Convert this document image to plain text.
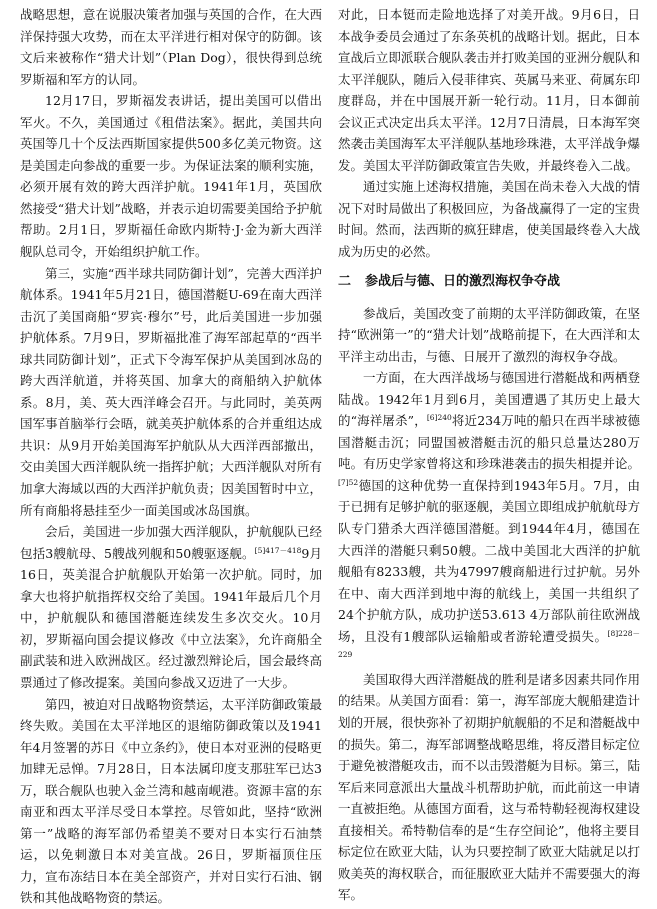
战略思想，意在说服决策者加强与英国的合作，在大西洋保持强大攻势，而在太平洋进行相对保守的防御。该文后来被称作“猎犬计划”（Plan Dog），很快得到总统罗斯福和军方的认同。

12月17日，罗斯福发表讲话，提出美国可以借出军火。不久，美国通过《租借法案》。据此，美国共向英国等几十个反法西斯国家提供500多亿美元物资。这是美国走向参战的重要一步。为保证法案的顺利实施，必须开展有效的跨大西洋护航。1941年1月，英国欣然接受“猎犬计划”战略，并表示迫切需要美国给予护航帮助。2月1日，罗斯福任命欧内斯特·J·金为新大西洋舰队总司令，开始组织护航工作。

第三，实施“西半球共同防御计划”，完善大西洋护航体系。1941年5月21日，德国潜艇U-69在南大西洋击沉了美国商船“罗宾·穆尔”号，此后美国进一步加强护航体系。7月9日，罗斯福批准了海军部起草的“西半球共同防御计划”，正式下令海军保护从美国到冰岛的跨大西洋航道，并将英国、加拿大的商船纳入护航体系。8月，美、英大西洋峰会召开。与此同时，美英两国军事首脑举行会晤，就美英护航体系的合并重组达成共识：从9月开始美国海军护航队从大西洋西部撤出，交由美国大西洋舰队统一指挥护航；大西洋舰队对所有加拿大海域以西的大西洋护航负责；因美国暂时中立，所有商船将悬挂至少一面美国或冰岛国旗。

会后，美国进一步加强大西洋舰队，护航舰队已经包括3艘航母、5艘战列舰和50艘驱逐舰。$^{[5]417-418}$9月16日，英美混合护航舰队开始第一次护航。同时，加拿大也将护航指挥权交给了美国。1941年最后几个月中，护航舰队和德国潜艇连续发生多次交火。10月初，罗斯福向国会提议修改《中立法案》，允许商船全副武装和进入欧洲战区。经过激烈辩论后，国会最终高票通过了修改提案。美国向参战又迈进了一大步。

第四，被迫对日战略物资禁运，太平洋防御政策最终失败。美国在太平洋地区的退缩防御政策以及1941年4月签署的苏日《中立条约》，使日本对亚洲的侵略更加肆无忌惮。7月28日，日本法属印度支那驻军已达3万，联合舰队也驶入金兰湾和越南岘港。资源丰富的东南亚和西太平洋尽受日本掌控。尽管如此，坚持“欧洲第一”战略的海军部仍希望美不要对日本实行石油禁运，以免刺激日本对美宣战。26日，罗斯福顶住压力，宣布冻结日本在美全部资产，并对日实行石油、钢铁和其他战略物资的禁运。

对此，日本铤而走险地选择了对美开战。9月6日，日本战争委员会通过了东条英机的战略计划。据此，日本宣战后立即派联合舰队袭击并打败美国的亚洲分舰队和太平洋舰队，随后入侵菲律宾、英属马来亚、荷属东印度群岛，并在中国展开新一轮行动。11月，日本御前会议正式决定出兵太平洋。12月7日清晨，日本海军突然袭击美国海军太平洋舰队基地珍珠港，太平洋战争爆发。美国太平洋防御政策宣告失败，并最终卷入二战。

通过实施上述海权措施，美国在尚未卷入大战的情况下对时局做出了积极回应，为备战赢得了一定的宝贵时间。然而，法西斯的疯狂肆虐，使美国最终卷入大战成为历史的必然。

二 参战后与德、日的激烈海权争夺战

参战后，美国改变了前期的太平洋防御政策，在坚持“欧洲第一”的“猎犬计划”战略前提下，在大西洋和太平洋主动出击，与德、日展开了激烈的海权争夺战。

一方面，在大西洋战场与德国进行潜艇战和两栖登陆战。1942年1月到6月，美国遭遇了其历史上最大的“海祥屠杀”，$^{[6]240}$将近234万吨的船只在西半球被德国潜艇击沉；同盟国被潜艇击沉的船只总量达280万吨。有历史学家曾将这和珍珠港袭击的损失相提并论。$^{[7]52}$德国的这种优势一直保持到1943年5月。7月，由于已拥有足够护航的驱逐舰，美国立即组成护航航母方队专门猎杀大西洋德国潜艇。到1944年4月，德国在大西洋的潜艇只剩50艘。二战中美国北大西洋的护航舰船有8233艘，共为47997艘商船进行过护航。另外在中、南大西洋到地中海的航线上，美国一共组织了24个护航方队，成功护送53.613 4万部队前往欧洲战场，且没有1艘部队运输船或者游轮遭受损失。$^{[8]228-229}$

美国取得大西洋潜艇战的胜利是诸多因素共同作用的结果。从美国方面看：第一，海军部庞大舰船建造计划的开展，很快弥补了初期护航舰船的不足和潜艇战中的损失。第二，海军部调整战略思维，将反潜目标定位于避免被潜艇攻击，而不以击毁潜艇为目标。第三，陆军后来同意派出大量战斗机帮助护航，而此前这一申请一直被拒绝。从德国方面看，这与希特勒轻视海权建设直接相关。希特勒信奉的是“生存空间论”，他将主要目标定位在欧亚大陆，认为只要控制了欧亚大陆就足以打败美英的海权联合，而征服欧亚大陆并不需要强大的海军。
